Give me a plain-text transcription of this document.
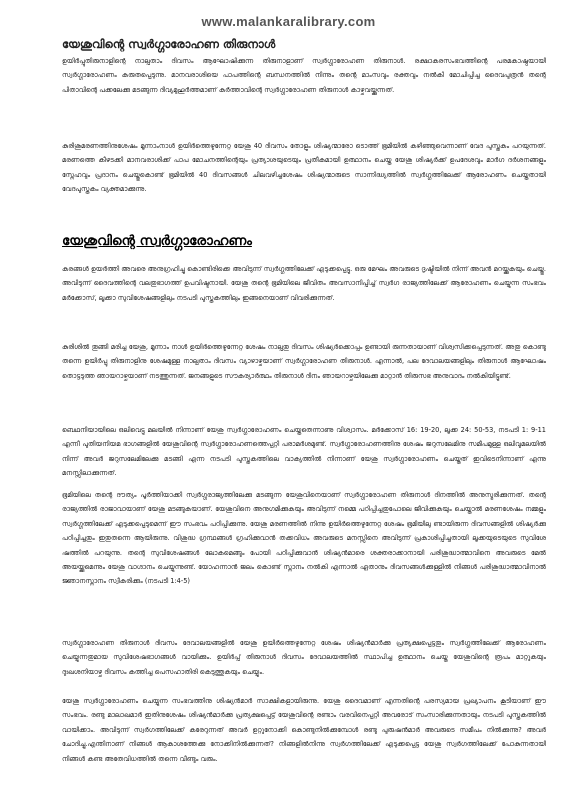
www.malankaralibrary.com
യേശുവിന്റെ സ്വർഗ്ഗാരോഹണ തിരുനാൾ

ഉയിർപ്പുതിരുനാളിന്റെ നാല്പതാം ദിവസം ആഘോഷിക്കുന്ന തിരുനാളാണ് സ്വർഗ്ഗാരോഹണ തിരുനാൾ. രക്ഷാകരസംഭവത്തിന്റെ പരമകാഷ്ഠയായി സ്വർഗ്ഗാരോഹണം കരുതപ്പെടുന്നു. മാനവരാശിയെ പാപത്തിന്റെ ബന്ധനത്തിൽ നിന്നും തന്റെ മാംസവും രക്തവും നൽകി മോചിപ്പിച്ച ദൈവപുത്രൻ തന്റെ പിതാവിന്റെ പക്കലേക്കു മടങ്ങുന്ന ദിവ്യമുഹൂർത്തമാണ് കർത്താവിന്റെ സ്വർഗ്ഗാരോഹണ തിരുനാൾ കാഴ്ചവയ്ക്കുന്നത്.

കുരിശുമരണത്തിനുശേഷം മൂന്നാംനാൾ ഉയിർത്തെഴുന്നേറ്റ യേശു 40 ദിവസം തോളും ശിഷ്യന്മാരോ ടൊത്ത് ഭൂമിയിൽ കഴിഞ്ഞുവെന്നാണ് വേദ പുസ്തകം പറയുന്നത്. മരണത്തെ കീഴടക്കി മാനവരാശിക്ക് പാപ മോചനത്തിന്റെയും പ്രത്യാശയുടെയും പ്രതീകമായി ഉത്ഥാനം ചെയ്ത യേശു ശിഷ്യർക്ക് ഉപദേശവും മാർഗ ദർശനങ്ങളും സ്നേഹവും പ്രദാനം ചെയ്തുകൊണ്ട് ഭൂമിയിൽ 40 ദിവസങ്ങൾ ചിലവഴിച്ചശേഷം ശിഷ്യന്മാരുടെ സാന്നിദ്ധ്യത്തിൽ സ്വർഗ്ഗത്തിലേക്ക് ആരോഹണം ചെയ്തതായി വേദപുസ്തകം വ്യക്തമാക്കുന്നു.

യേശുവിന്റെ സ്വർഗ്ഗാരോഹണം

കരങ്ങൾ ഉയർത്തി അവരെ അനുഗ്രഹിച്ചു കൊണ്ടിരിക്കെ അവിടുന്ന് സ്വർഗ്ഗത്തിലേക്ക് എടുക്കപ്പെട്ടു. ഒരു മേഘം അവരുടെ ദൃഷ്ടിയിൽ നിന്ന് അവൻ മറയ്ക്കുകയും ചെയ്തു. അവിടുന്ന് ദൈവത്തിന്റെ വലതുഭാഗത്ത് ഉപവിഷ്ടനായി. യേശു തന്റെ ഭൂമിയിലെ ജീവിതം അവസാനിപ്പിച്ച് സ്വർഗ രാജ്യത്തിലേക്ക് ആരോഹണം ചെയ്യുന്ന സംഭവം മർക്കോസ്, ലൂക്കാ സുവിശേഷങ്ങളിലും നടപടി പുസ്തകത്തിലും ഇങ്ങനെയാണ് വിവരിക്കുന്നത്.

കുരിശിൽ തൂങ്ങി മരിച്ച യേശു, മൂന്നാം നാൾ ഉയിർത്തെഴുന്നേറ്റ ശേഷം നാല്പതു ദിവസം ശിഷ്യർക്കൊപ്പം ഉണ്ടായി രുന്നതായാണ് വിശ്വസിക്കപ്പെടുന്നത്. അതു കൊണ്ടു തന്നെ ഉയിർപ്പു തിരുനാളിനു ശേഷമുള്ള നാല്പതാം ദിവസം വ്യാഴാഴ്ചയാണ് സ്വർഗ്ഗാരോഹണ തിരുനാൾ. എന്നാൽ, പല ദേവാലയങ്ങളിലും തിരുനാൾ ആഘോഷം തൊട്ടടുത്ത ഞായറാഴ്ചയാണ് നടത്തുന്നത്. ജനങ്ങളുടെ സൗകര്യാർത്ഥം തിരുനാൾ ദിനം ഞായറാഴ്ചയിലേക്കു മാറ്റാൻ തിരുസഭ അനുവാദം നൽകിയിട്ടുണ്ട്.

ബെഥനിയായിലെ ഒലിവെട്ടു മലയിൽ നിന്നാണ് യേശു സ്വർഗ്ഗാരോഹണം ചെയ്തതെന്നാണു വിശ്വാസം. മർക്കോസ് 16: 19-20, ലൂക്ക 24: 50-53, നടപടി 1: 9-11 എന്നീ പുതിയനിയമ ഭാഗങ്ങളിൽ യേശുവിന്റെ സ്വർഗ്ഗാരോഹണത്തെപ്പറ്റി പരാമർശമുണ്ട്. സ്വർഗ്ഗാരോഹണത്തിനു ശേഷം ജറുസലേമിനു സമീപമുള്ള ഒലിവുമലയിൽ നിന്ന് അവർ ജറുസലേമിലേക്കു മടങ്ങി എന്ന നടപടി പുസ്തകത്തിലെ വാക്യത്തിൽ നിന്നാണ് യേശു സ്വർഗ്ഗാരോഹണം ചെയ്തത് ഇവിടെനിന്നാണ് എന്നു മനസ്സിലാക്കുന്നത്.

ഭൂമിയിലെ തന്റെ ദൗത്യം പൂർത്തിയാക്കി സ്വർഗ്ഗരാജ്യത്തിലേക്കു മടങ്ങുന്ന യേശുവിനെയാണ് സ്വർഗ്ഗാരോഹണ തിരുനാൾ ദിനത്തിൽ അനുസ്മരിക്കുന്നത്. തന്റെ രാജ്യത്തിൽ രാജാവായാണ് യേശു മടങ്ങുകയാണ്. യേശുവിനെ അനുഗമിക്കുകയും അവിടുന്ന് നമ്മെ പഠിപ്പിച്ചതുപോലെ ജീവിക്കുകയും ചെയ്താൽ മരണശേഷം നമ്മളും സ്വർഗ്ഗത്തിലേക്ക് എടുക്കപ്പെടുമെന്ന് ഈ സംഭവം പഠിപ്പിക്കുന്നു. യേശു മരണത്തിൽ നിന്നു ഉയിർത്തെഴുന്നേറ്റ ശേഷം ഭൂമിയിലു ണ്ടായിരുന്ന ദിവസങ്ങളിൽ ശിഷ്യർക്കു പഠിപ്പിച്ചതും ഇതുതന്നെ ആയിരുന്നു. വിശുദ്ധ ഗ്രന്ഥങ്ങൾ ഗ്രഹിക്കുവാൻ തക്കവിധം അവരുടെ മനസ്സിനെ അവിടുന്ന് പ്രകാശിപ്പിച്ചതായി ലൂക്കയുടെയുടെ സുവിശേ ഷത്തിൽ പറയുന്നു. തന്റെ സുവിശേഷങ്ങൾ ലോകമെങ്ങും പോയി പഠിപ്പിക്കുവാൻ ശിഷ്യൻമാരെ ശക്തരാക്കാനായി പരിശുദ്ധാത്മാവിനെ അവരുടെ മേൽ അയയ്ക്കുമെന്നും യേശു വാഗ്ദാനം ചെയ്യുന്നുണ്ട്. യോഹന്നാൻ ജലം കൊണ്ട് സ്നാനം നൽകി എന്നാൽ ഏതാനും ദിവസങ്ങൾക്കുള്ളിൽ നിങ്ങൾ പരിശുദ്ധാത്മാവിനാൽ ജ്ഞാനസ്നാനം സ്വീകരിക്കും (നടപടി 1:4-5)

സ്വർഗ്ഗാരോഹണ തിരുനാൾ ദിവസം ദേവാലയങ്ങളിൽ യേശു ഉയിർത്തെഴുന്നേറ്റ ശേഷം ശിഷ്യൻമാർക്കു പ്രത്യക്ഷപ്പെട്ടതും സ്വർഗ്ഗത്തിലേക്ക് ആരോഹണം ചെയ്യുന്നതുമായ സുവിശേഷഭാഗങ്ങൾ വായിക്കും. ഉയിർപ്പ് തിരുനാൾ ദിവസം ദേവാലയത്തിൽ സ്ഥാപിച്ച ഉത്ഥാനം ചെയ്ത യേശുവിന്റെ രൂപം മാറ്റുകയും ദുഃഖശനിയാഴ്ച ദിവസം കത്തിച്ച പെസഹാതിരി കെടുത്തുകയും ചെയ്യും.

യേശു സ്വർഗ്ഗാരോഹണം ചെയ്യുന്ന സംഭവത്തിനു ശിഷ്യൻമാർ സാക്ഷികളായിരുന്നു. യേശു ദൈവമാണ് എന്നതിന്റെ പരസ്യമായ പ്രഖ്യാപനം കൂടിയാണ് ഈ സംഭവം. രണ്ടു മാലാഖമാർ ഇതിനുശേഷം ശിഷ്യൻമാർക്കു പ്രത്യക്ഷപ്പെട്ട് യേശുവിന്റെ രണ്ടാം വരവിനെപ്പറ്റി അവരോട് സംസാരിക്കുന്നതായും നടപടി പുസ്തകത്തിൽ വായിക്കാം. അവിടുന്ന് സ്വർഗത്തിലേക്ക് കരേറുന്നത് അവർ ഉറ്റുനോക്കി കൊണ്ടുനിൽക്കുമ്പോൾ രണ്ടു പുരുഷൻമാർ അവരുടെ സമീപം നിൽക്കുന്നു? അവർ ചോദിച്ചു.എന്തിനാണ് നിങ്ങൾ ആകാശത്തേക്കു നോക്കിനിൽക്കുന്നത്? നിങ്ങളിൽനിന്നു സ്വർഗത്തിലേക്ക് എടുക്കപ്പെട്ട യേശു സ്വർഗത്തിലേക്ക് പോകുന്നതായി നിങ്ങൾ കണ്ട അതേവിധത്തിൽ തന്നെ വീണ്ടും വരും.
